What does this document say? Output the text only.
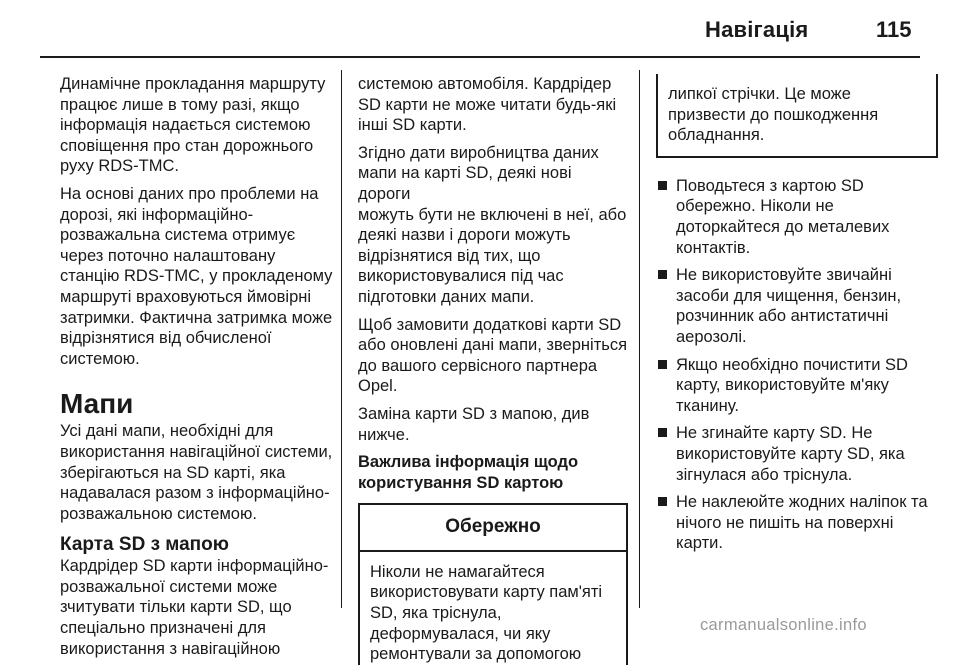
Навігація	115

Динамічне прокладання маршруту
працює лише в тому разі, якщо
інформація надається системою
сповіщення про стан дорожнього
руху RDS-TMC.

На основі даних про проблеми на
дорозі, які інформаційно-
розважальна система отримує
через поточно налаштовану
станцію RDS-TMC, у прокладеному
маршруті враховуються ймовірні
затримки. Фактична затримка може
відрізнятися від обчисленої
системою.

Мапи

Усі дані мапи, необхідні для
використання навігаційної системи,
зберігаються на SD карті, яка
надавалася разом з інформаційно-
розважальною системою.

Карта SD з мапою

Кардрідер SD карти інформаційно-
розважальної системи може
зчитувати тільки карти SD, що
спеціально призначені для
використання з навігаційною

системою автомобіля. Кардрідер
SD карти не може читати будь-які
інші SD карти.

Згідно дати виробництва даних
мапи на карті SD, деякі нові дороги
можуть бути не включені в неї, або
деякі назви і дороги можуть
відрізнятися від тих, що
використовувалися під час
підготовки даних мапи.

Щоб замовити додаткові карти SD
або оновлені дані мапи, зверніться
до вашого сервісного партнера
Opel.

Заміна карти SD з мапою, див
нижче.

Важлива інформація щодо
користування SD картою
Обережно
Ніколи не намагайтеся
використовувати карту пам'яті
SD, яка тріснула,
деформувалася, чи яку
ремонтували за допомогою
липкої стрічки. Це може
призвести до пошкодження
обладнання.
Поводьтеся з картою SD
обережно. Ніколи не
доторкайтеся до металевих
контактів.
Не використовуйте звичайні
засоби для чищення, бензин,
розчинник або антистатичні
аерозолі.
Якщо необхідно почистити SD
карту, використовуйте м'яку
тканину.
Не згинайте карту SD. Не
використовуйте карту SD, яка
зігнулася або тріснула.
Не наклеюйте жодних наліпок та
нічого не пишіть на поверхні
карти.
carmanualsonline.info
